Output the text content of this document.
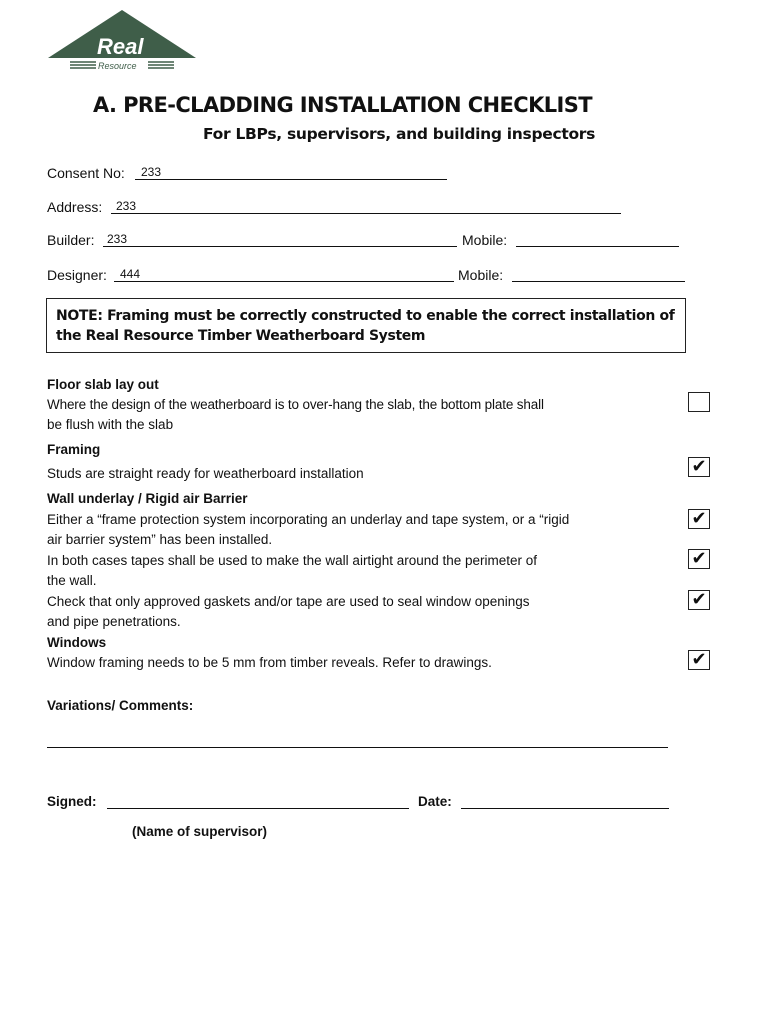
Real
Resource
A. PRE-CLADDING INSTALLATION CHECKLIST
For LBPs, supervisors, and building inspectors
Consent No: 233
Address: 233
Builder: 233	Mobile:
Designer: 444	Mobile:
NOTE: Framing must be correctly constructed to enable the correct installation of
the Real Resource Timber Weatherboard System
Floor slab lay out
Where the design of the weatherboard is to over-hang the slab, the bottom plate shall
be flush with the slab
Framing
Studs are straight ready for weatherboard installation	✔
Wall underlay / Rigid air Barrier
Either a “frame protection system incorporating an underlay and tape system, or a “rigid
air barrier system” has been installed.
✔
In both cases tapes shall be used to make the wall airtight around the perimeter of
the wall.
✔
Check that only approved gaskets and/or tape are used to seal window openings
and pipe penetrations.
✔
Windows
Window framing needs to be 5 mm from timber reveals. Refer to drawings.	✔
Variations/ Comments:
Signed:	Date:
(Name of supervisor)
